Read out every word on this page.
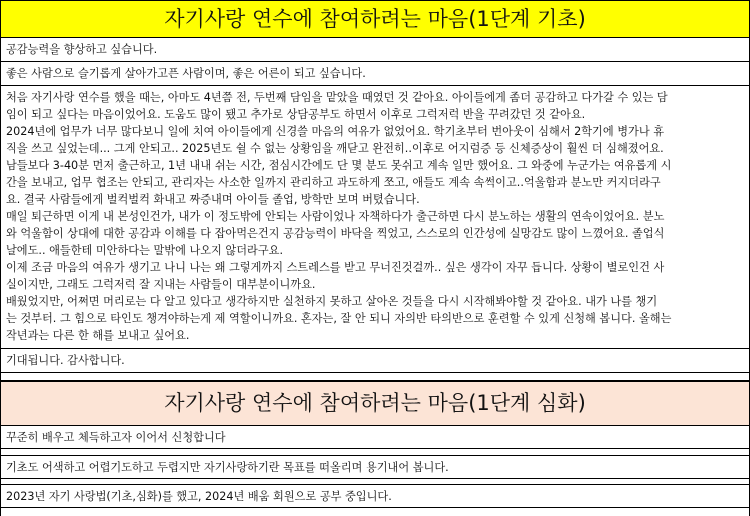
자기사랑 연수에 참여하려는 마음(1단계 기초)
공감능력을 향상하고 싶습니다.
좋은 사람으로 슬기롭게 살아가고픈 사람이며, 좋은 어른이 되고 싶습니다.

처음 자기사랑 연수를 했을 때는, 아마도 4년쯤 전, 두번째 담임을 맡았을 때였던 것 같아요. 아이들에게 좀더 공감하고 다가갈 수 있는 담

임이 되고 싶다는 마음이었어요. 도움도 많이 됐고 추가로 상담공부도 하면서 이후로 그럭저럭 반을 꾸려갔던 것 같아요.

2024년에 업무가 너무 많다보니 일에 치여 아이들에게 신경쓸 마음의 여유가 없었어요. 학기초부터 번아웃이 심해서 2학기에 병가나 휴

직을 쓰고 싶었는데... 그게 안되고.. 2025년도 쉴 수 없는 상황임을 깨닫고 완전히..이후로 어지럼증 등 신체증상이 훨씬 더 심해졌어요.

남들보다 3-40분 먼저 출근하고, 1년 내내 쉬는 시간, 점심시간에도 단 몇 분도 못쉬고 계속 일만 했어요. 그 와중에 누군가는 여유롭게 시

간을 보내고, 업무 협조는 안되고, 관리자는 사소한 일까지 관리하고 과도하게 쪼고, 애들도 계속 속썩이고..억울함과 분노만 커지더라구

요. 결국 사람들에게 벌컥벌컥 화내고 짜증내며 아이들 졸업, 방학만 보며 버텼습니다.

매일 퇴근하면 이게 내 본성인건가, 내가 이 정도밖에 안되는 사람이었나 자책하다가 출근하면 다시 분노하는 생활의 연속이었어요. 분노

와 억울함이 상대에 대한 공감과 이해를 다 잡아먹은건지 공감능력이 바닥을 찍었고, 스스로의 인간성에 실망감도 많이 느꼈어요. 졸업식

날에도.. 애들한테 미안하다는 말밖에 나오지 않더라구요.

이제 조금 마음의 여유가 생기고 나니 나는 왜 그렇게까지 스트레스를 받고 무너진것걸까.. 싶은 생각이 자꾸 듭니다. 상황이 별로인건 사

실이지만, 그래도 그럭저럭 잘 지내는 사람들이 대부분이니까요.

배웠었지만, 어쩌면 머리로는 다 알고 있다고 생각하지만 실천하지 못하고 살아온 것들을 다시 시작해봐야할 것 같아요. 내가 나를 챙기

는 것부터. 그 힘으로 타인도 챙겨야하는게 제 역할이니까요. 혼자는, 잘 안 되니 자의반 타의반으로 훈련할 수 있게 신청해 봅니다. 올해는

작년과는 다른 한 해를 보내고 싶어요.

기대됩니다. 감사합니다.
자기사랑 연수에 참여하려는 마음(1단계 심화)
꾸준히 배우고 체득하고자 이어서 신청합니다
기초도 어색하고 어렵기도하고 두렵지만 자기사랑하기란 목표를 떠올리며 용기내어 봅니다.
2023년 자기 사랑법(기초,심화)를 했고, 2024년 배움 회원으로 공부 중입니다.
